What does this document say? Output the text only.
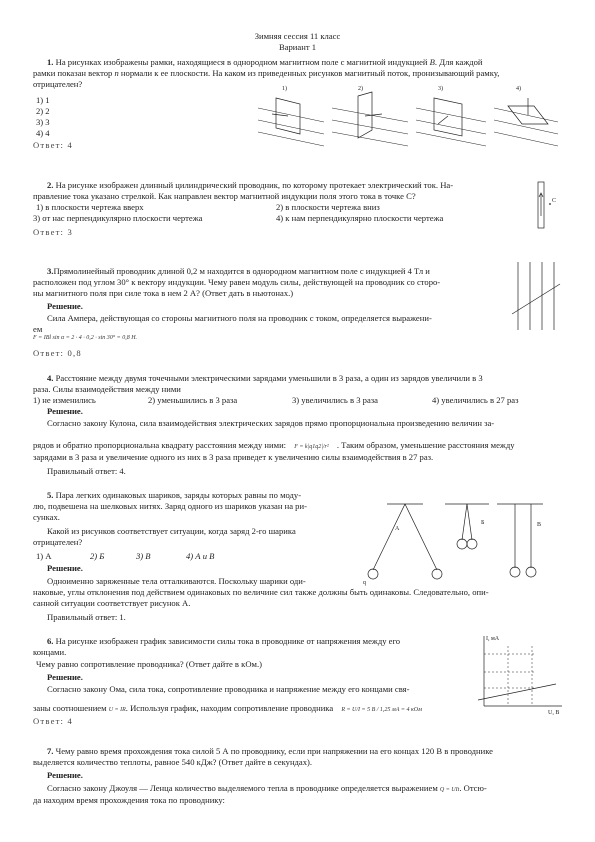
Зимняя сессия 11 класс
Вариант 1
1. На рисунках изображены рамки, находящиеся в однородном магнитном поле с магнитной индукцией B. Для каждой
рамки показан вектор n нормали к ее плоскости. На каком из приведенных рисунков магнитный поток, пронизывающий рамку,
отрицателен?
1) 1
2) 2
3) 3
4) 4
Ответ: 4
1)	2)	3)	4)
2. На рисунке изображен длинный цилиндрический проводник, по которому протекает электрический ток. На-
правление тока указано стрелкой. Как направлен вектор магнитной индукции поля этого тока в точке C?
1) в плоскости чертежа вверх	2) в плоскости чертежа вниз
3) от нас перпендикулярно плоскости чертежа	4) к нам перпендикулярно плоскости чертежа
Ответ: 3
C
3.Прямолинейный проводник длиной 0,2 м находится в однородном магнитном поле с индукцией 4 Тл и
расположен под углом 30° к вектору индукции. Чему равен модуль силы, действующей на проводник со сторо-
ны магнитного поля при силе тока в нем 2 А? (Ответ дать в ньютонах.)
Решение.
Сила Ампера, действующая со стороны магнитного поля на проводник с током, определяется выражени-
ем
F = IBl sin α = 2 · 4 · 0,2 · sin 30° = 0,8 Н.
Ответ: 0,8
4. Расстояние между двумя точечными электрическими зарядами уменьшили в 3 раза, а один из зарядов увеличили в 3
раза. Силы взаимодействия между ними
1) не изменились	2) уменьшились в 3 раза	3) увеличились в 3 раза	4) увеличились в 27 раз
Решение.
Согласно закону Кулона, сила взаимодействия электрических зарядов прямо пропорциональна произведению величин за-
рядов и обратно пропорциональна квадрату расстояния между ними: F = k|q1q2|/r² . Таким образом, уменьшение расстояния между
зарядами в 3 раза и увеличение одного из них в 3 раза приведет к увеличению силы взаимодействия в 27 раз.
Правильный ответ: 4.
5. Пара легких одинаковых шариков, заряды которых равны по моду-
лю, подвешена на шелковых нитях. Заряд одного из шариков указан на ри-
сунках.
Какой из рисунков соответствует ситуации, когда заряд 2-го шарика
отрицателен?
1) А	2) Б	3) В	4) А и В
Решение.
Одноименно заряженные тела отталкиваются. Поскольку шарики оди-
наковые, углы отклонения под действием одинаковых по величине сил также должны быть одинаковы. Следовательно, опи-
санной ситуации соответствует рисунок А.
Правильный ответ: 1.
А
q
Б	В
6. На рисунке изображен график зависимости силы тока в проводнике от напряжения между его
концами.
Чему равно сопротивление проводника? (Ответ дайте в кОм.)
Решение.
Согласно закону Ома, сила тока, сопротивление проводника и напряжение между его концами свя-
заны соотношением U = IR. Используя график, находим сопротивление проводника R = U/I = 5 В / 1,25 мА = 4 кОм
Ответ: 4
I, мА
U, В
7. Чему равно время прохождения тока силой 5 А по проводнику, если при напряжении на его концах 120 В в проводнике
выделяется количество теплоты, равное 540 кДж? (Ответ дайте в секундах).
Решение.
Согласно закону Джоуля — Ленца количество выделяемого тепла в проводнике определяется выражением Q = UIt. Отсю-
да находим время прохождения тока по проводнику:
